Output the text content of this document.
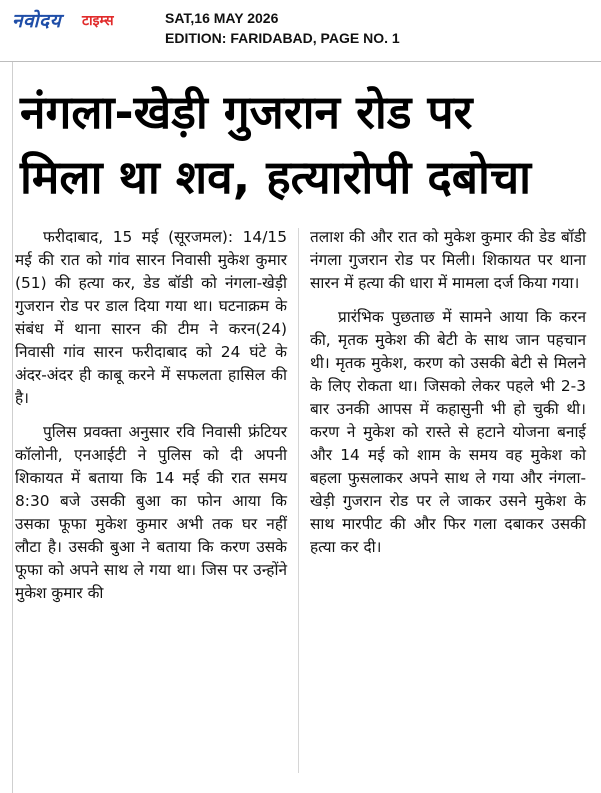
नवोदय टाइम्स	SAT,16 MAY 2026
EDITION: FARIDABAD, PAGE NO. 1
नंगला-खेड़ी गुजरान रोड पर
मिला था शव, हत्यारोपी दबोचा

फरीदाबाद, 15 मई (सूरजमल): 14/15 मई की रात को गांव सारन निवासी मुकेश कुमार (51) की हत्या कर, डेड बॉडी को नंगला-खेड़ी गुजरान रोड पर डाल दिया गया था। घटनाक्रम के संबंध में थाना सारन की टीम ने करन(24) निवासी गांव सारन फरीदाबाद को 24 घंटे के अंदर-अंदर ही काबू करने में सफलता हासिल की है।

पुलिस प्रवक्ता अनुसार रवि निवासी फ्रंटियर कॉलोनी, एनआईटी ने पुलिस को दी अपनी शिकायत में बताया कि 14 मई की रात समय 8:30 बजे उसकी बुआ का फोन आया कि उसका फूफा मुकेश कुमार अभी तक घर नहीं लौटा है। उसकी बुआ ने बताया कि करण उसके फूफा को अपने साथ ले गया था। जिस पर उन्होंने मुकेश कुमार की

तलाश की और रात को मुकेश कुमार की डेड बॉडी नंगला गुजरान रोड पर मिली। शिकायत पर थाना सारन में हत्या की धारा में मामला दर्ज किया गया।

प्रारंभिक पुछताछ में सामने आया कि करन की, मृतक मुकेश की बेटी के साथ जान पहचान थी। मृतक मुकेश, करण को उसकी बेटी से मिलने के लिए रोकता था। जिसको लेकर पहले भी 2-3 बार उनकी आपस में कहासुनी भी हो चुकी थी। करण ने मुकेश को रास्ते से हटाने योजना बनाई और 14 मई को शाम के समय वह मुकेश को बहला फुसलाकर अपने साथ ले गया और नंगला-खेड़ी गुजरान रोड पर ले जाकर उसने मुकेश के साथ मारपीट की और फिर गला दबाकर उसकी हत्या कर दी।
